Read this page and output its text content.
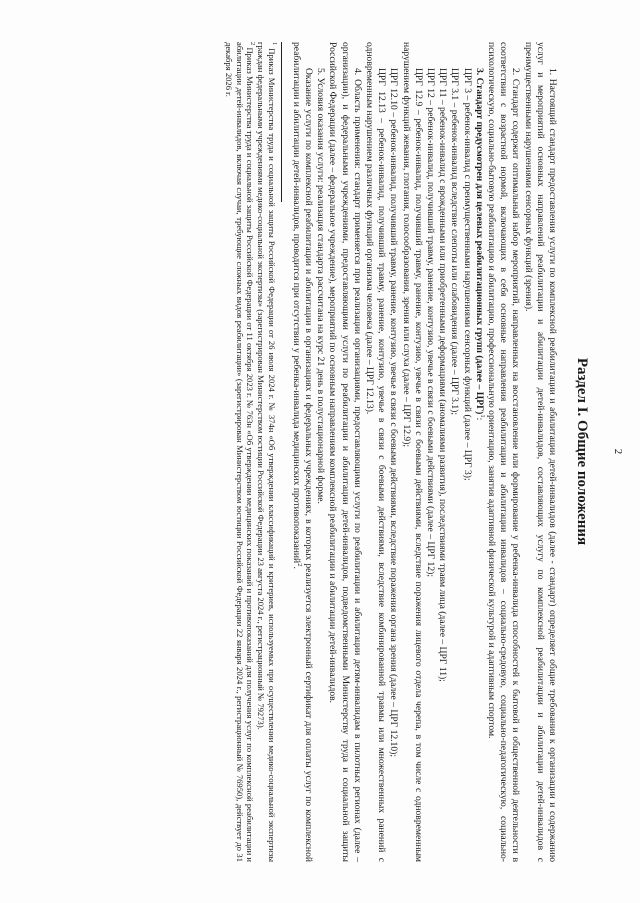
2
Раздел I. Общие положения

1. Настоящий стандарт предоставления услуги по комплексной реабилитации и абилитации детей-инвалидов (далее - стандарт) определяет общие требования к организации и содержанию услуг и мероприятий основных направлений реабилитации и абилитации детей-инвалидов, составляющих услугу по комплексной реабилитации и абилитации детей-инвалидов с преимущественными нарушениями сенсорных функций (зрения).

2. Стандарт содержит оптимальный набор мероприятий, направленных на восстановление или формирование у ребенка-инвалида способностей к бытовой и общественной деятельности в соответствии с возрастной нормой, включающих в себя основные направления реабилитации и абилитации инвалидов – социально-средовую, социально-педагогическую, социально-психологическую, социально-бытовую реабилитацию и абилитацию, профессиональную ориентацию, занятия адаптивной физической культурой и адаптивным спортом.

3. Стандарт предусмотрен для целевых реабилитационных групп (далее – ЦРГ)$^1$:

ЦРГ 3 – ребенок-инвалид с преимущественными нарушениями сенсорных функций (далее – ЦРГ 3);

ЦРГ 3.1 – ребенок-инвалид вследствие слепоты или слабовидения (далее – ЦРГ 3.1);

ЦРГ 11 – ребенок-инвалид с врожденными или приобретенными деформациями (аномалиями развития), последствиями травм лица (далее – ЦРГ 11);

ЦРГ 12 – ребенок-инвалид, получивший травму, ранение, контузию, увечье в связи с боевыми действиями (далее – ЦРГ 12);

ЦРГ 12.9 – ребенок-инвалид, получивший травму, ранение, контузию, увечье в связи с боевыми действиями, вследствие поражения лицевого отдела черепа, в том числе с одновременным нарушением функций жевания, глотания, голосообразования, зрения или слуха (далее – ЦРГ 12.9);

ЦРГ 12.10 – ребенок-инвалид, получивший травму, ранение, контузию, увечье в связи с боевыми действиями, вследствие поражения органа зрения (далее – ЦРГ 12.10);

ЦРГ 12.13 – ребенок-инвалид, получивший травму, ранение, контузию, увечье в связи с боевыми действиями, вследствие комбинированной травмы или множественных ранений с одновременным нарушением различных функций организма человека (далее – ЦРГ 12.13).

4. Область применения: стандарт применяется при реализации организациями, предоставляющими услуги по реабилитации и абилитации детям-инвалидам в пилотных регионах (далее – организации), и федеральными учреждениями, предоставляющими услуги по реабилитации и абилитации детей-инвалидов, подведомственными Министерству труда и социальной защиты Российской Федерации (далее – федеральное учреждение), мероприятий по основным направлениям комплексной реабилитации и абилитации детей-инвалидов.

5. Условия оказания услуги: реализация стандарта рассчитана на курс 21 день в полустационарной форме.

Оказание услуги по комплексной реабилитации и абилитации в организациях и федеральных учреждениях, в которых реализуется электронный сертификат для оплаты услуг по комплексной реабилитации и абилитации детей-инвалидов, проводится при отсутствии у ребенка-инвалида медицинских противопоказаний$^2$.

$^1$ Приказ Министерства труда и социальной защиты Российской Федерации от 26 июля 2024 г. № 374н «Об утверждении классификаций и критериев, используемых при осуществлении медико-социальной экспертизы граждан федеральными учреждениями медико-социальной экспертизы» (зарегистрирован Министерством юстиции Российской Федерации 23 августа 2024 г., регистрационный № 79273).

$^2$ Приказ Министерства труда и социальной защиты Российской Федерации от 11 октября 2023 г. № 763н «Об утверждении медицинских показаний и противопоказаний для получения услуг по комплексной реабилитации и абилитации детей-инвалидов, включая случаи, требующие сложных видов реабилитации» (зарегистрирован Министерством юстиции Российской Федерации 22 января 2024 г., регистрационный № 76950), действует до 31 декабря 2026 г.
